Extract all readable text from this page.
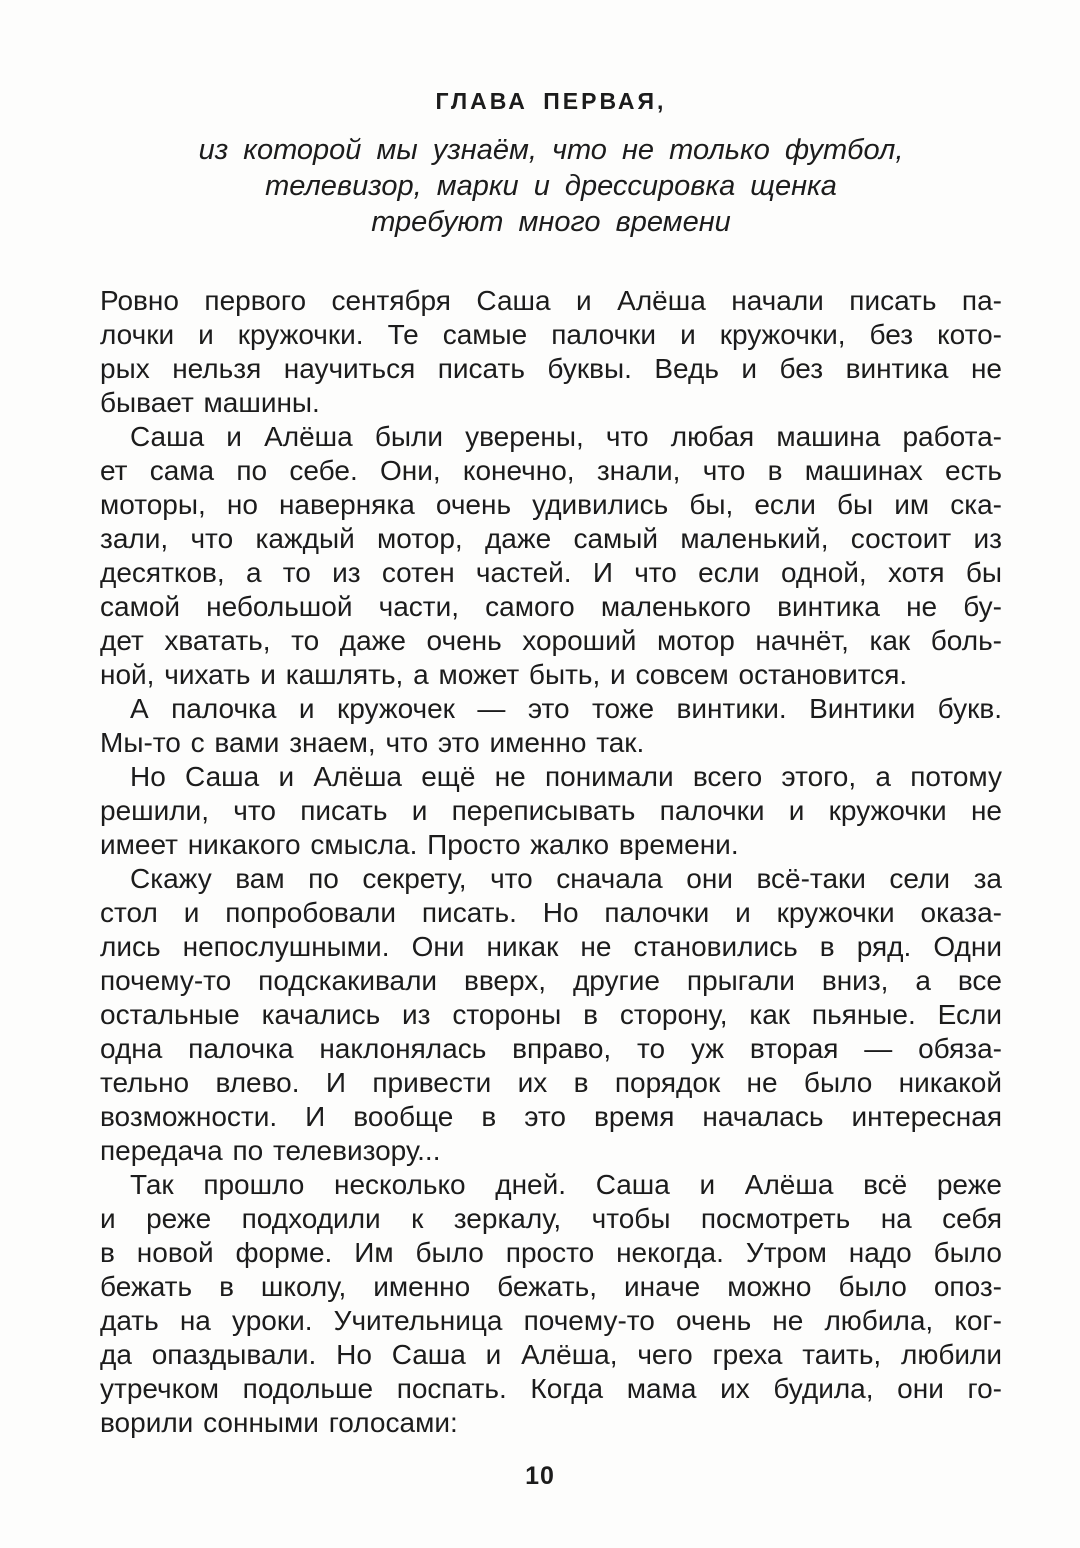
ГЛАВА ПЕРВАЯ,
из которой мы узнаём, что не только футбол,
телевизор, марки и дрессировка щенка
требуют много времени
Ровно первого сентября Саша и Алёша начали писать па-
лочки и кружочки. Те самые палочки и кружочки, без кото-
рых нельзя научиться писать буквы. Ведь и без винтика не
бывает машины.
Саша и Алёша были уверены, что любая машина работа-
ет сама по себе. Они, конечно, знали, что в машинах есть
моторы, но наверняка очень удивились бы, если бы им ска-
зали, что каждый мотор, даже самый маленький, состоит из
десятков, а то из сотен частей. И что если одной, хотя бы
самой небольшой части, самого маленького винтика не бу-
дет хватать, то даже очень хороший мотор начнёт, как боль-
ной, чихать и кашлять, а может быть, и совсем остановится.
А палочка и кружочек — это тоже винтики. Винтики букв.
Мы-то с вами знаем, что это именно так.
Но Саша и Алёша ещё не понимали всего этого, а потому
решили, что писать и переписывать палочки и кружочки не
имеет никакого смысла. Просто жалко времени.
Скажу вам по секрету, что сначала они всё-таки сели за
стол и попробовали писать. Но палочки и кружочки оказа-
лись непослушными. Они никак не становились в ряд. Одни
почему-то подскакивали вверх, другие прыгали вниз, а все
остальные качались из стороны в сторону, как пьяные. Если
одна палочка наклонялась вправо, то уж вторая — обяза-
тельно влево. И привести их в порядок не было никакой
возможности. И вообще в это время началась интересная
передача по телевизору...
Так прошло несколько дней. Саша и Алёша всё реже
и реже подходили к зеркалу, чтобы посмотреть на себя
в новой форме. Им было просто некогда. Утром надо было
бежать в школу, именно бежать, иначе можно было опоз-
дать на уроки. Учительница почему-то очень не любила, ког-
да опаздывали. Но Саша и Алёша, чего греха таить, любили
утречком подольше поспать. Когда мама их будила, они го-
ворили сонными голосами:
10
